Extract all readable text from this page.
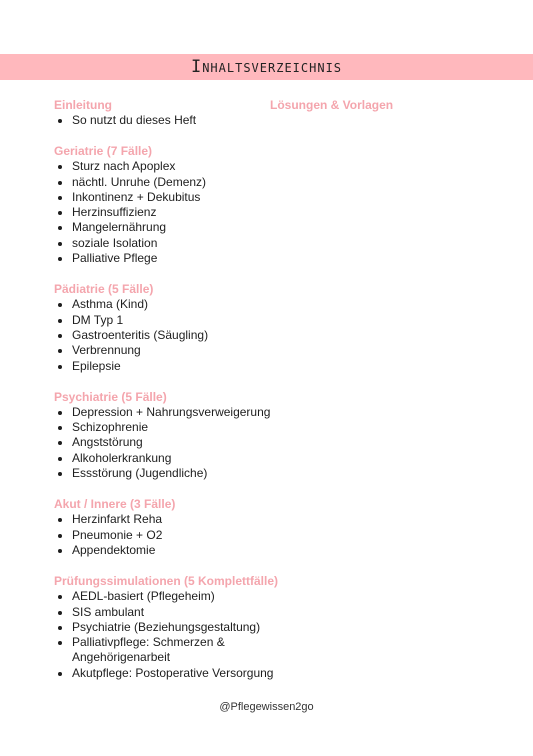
Inhaltsverzeichnis

Einleitung

So nutzt du dieses Heft

Geriatrie (7 Fälle)

Sturz nach Apoplex
nächtl. Unruhe (Demenz)
Inkontinenz + Dekubitus
Herzinsuffizienz
Mangelernährung
soziale Isolation
Palliative Pflege

Pädiatrie (5 Fälle)

Asthma (Kind)
DM Typ 1
Gastroenteritis (Säugling)
Verbrennung
Epilepsie

Psychiatrie (5 Fälle)

Depression + Nahrungsverweigerung
Schizophrenie
Angststörung
Alkoholerkrankung
Essstörung (Jugendliche)

Akut / Innere (3 Fälle)

Herzinfarkt Reha
Pneumonie + O2
Appendektomie

Prüfungssimulationen (5 Komplettfälle)

AEDL-basiert (Pflegeheim)
SIS ambulant
Psychiatrie (Beziehungsgestaltung)
Palliativpflege: Schmerzen & Angehörigenarbeit
Akutpflege: Postoperative Versorgung

Lösungen & Vorlagen

@Pflegewissen2go
